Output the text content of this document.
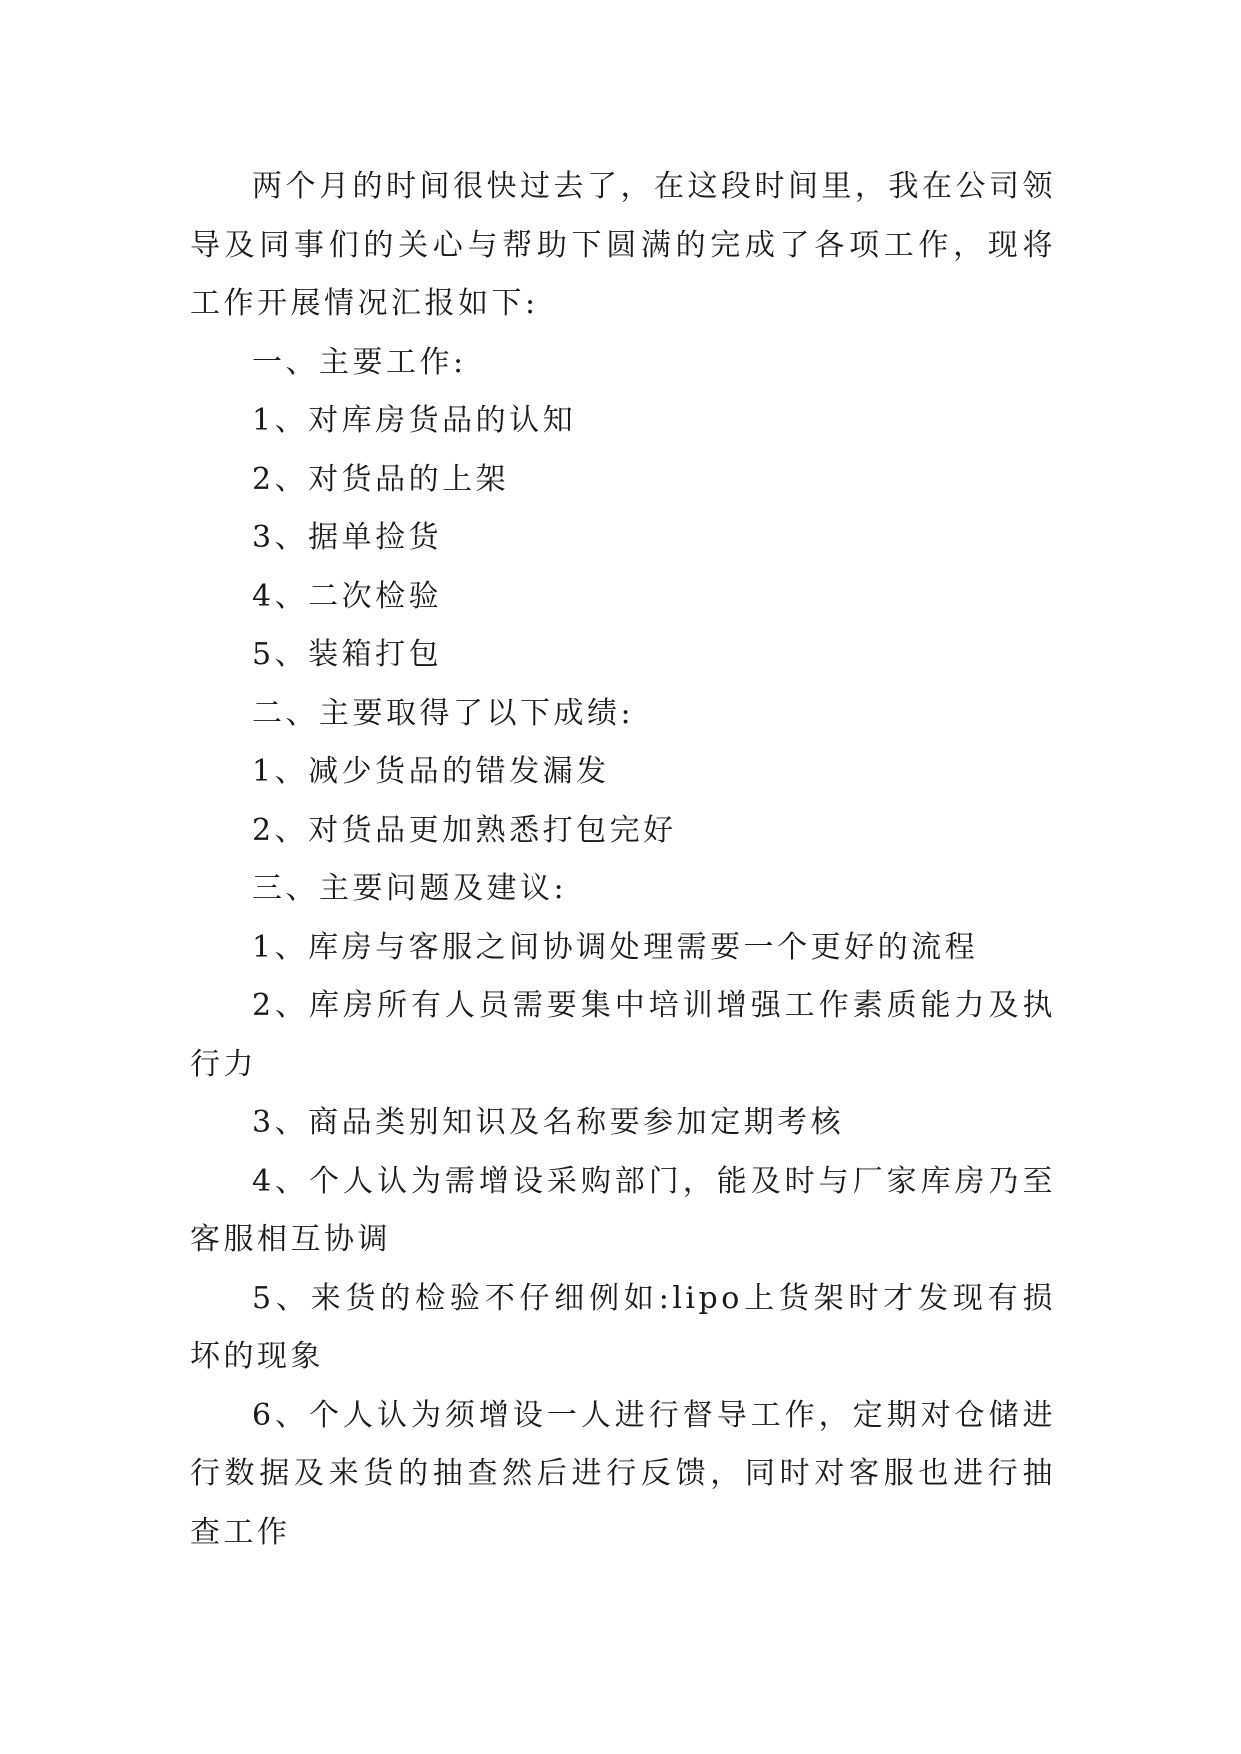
两个月的时间很快过去了，在这段时间里，我在公司领导及同事们的关心与帮助下圆满的完成了各项工作，现将工作开展情况汇报如下:

一、主要工作:

1、对库房货品的认知

2、对货品的上架

3、据单捡货

4、二次检验

5、装箱打包

二、主要取得了以下成绩:

1、减少货品的错发漏发

2、对货品更加熟悉打包完好

三、主要问题及建议:

1、库房与客服之间协调处理需要一个更好的流程

2、库房所有人员需要集中培训增强工作素质能力及执行力

3、商品类别知识及名称要参加定期考核

4、个人认为需增设采购部门，能及时与厂家库房乃至客服相互协调

5、来货的检验不仔细例如:lipo上货架时才发现有损坏的现象

6、个人认为须增设一人进行督导工作，定期对仓储进行数据及来货的抽查然后进行反馈，同时对客服也进行抽查工作
